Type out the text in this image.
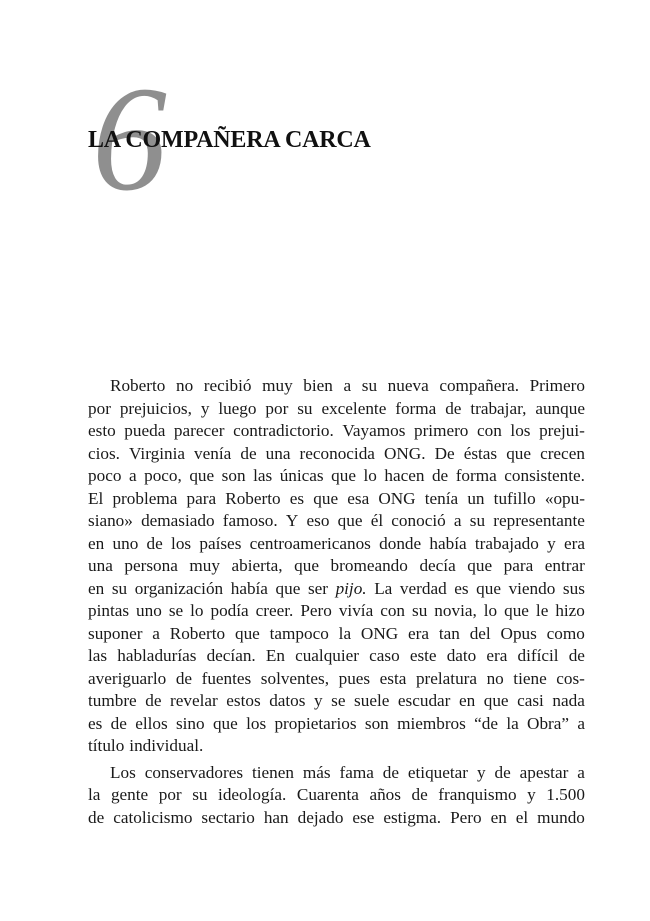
6
LA COMPAÑERA CARCA
Roberto no recibió muy bien a su nueva compañera. Primero
por prejuicios, y luego por su excelente forma de trabajar, aunque
esto pueda parecer contradictorio. Vayamos primero con los prejui-
cios. Virginia venía de una reconocida ONG. De éstas que crecen
poco a poco, que son las únicas que lo hacen de forma consistente.
El problema para Roberto es que esa ONG tenía un tufillo «opu-
siano» demasiado famoso. Y eso que él conoció a su representante
en uno de los países centroamericanos donde había trabajado y era
una persona muy abierta, que bromeando decía que para entrar
en su organización había que ser pijo. La verdad es que viendo sus
pintas uno se lo podía creer. Pero vivía con su novia, lo que le hizo
suponer a Roberto que tampoco la ONG era tan del Opus como
las habladurías decían. En cualquier caso este dato era difícil de
averiguarlo de fuentes solventes, pues esta prelatura no tiene cos-
tumbre de revelar estos datos y se suele escudar en que casi nada
es de ellos sino que los propietarios son miembros “de la Obra” a
título individual.
Los conservadores tienen más fama de etiquetar y de apestar a
la gente por su ideología. Cuarenta años de franquismo y 1.500
de catolicismo sectario han dejado ese estigma. Pero en el mundo
